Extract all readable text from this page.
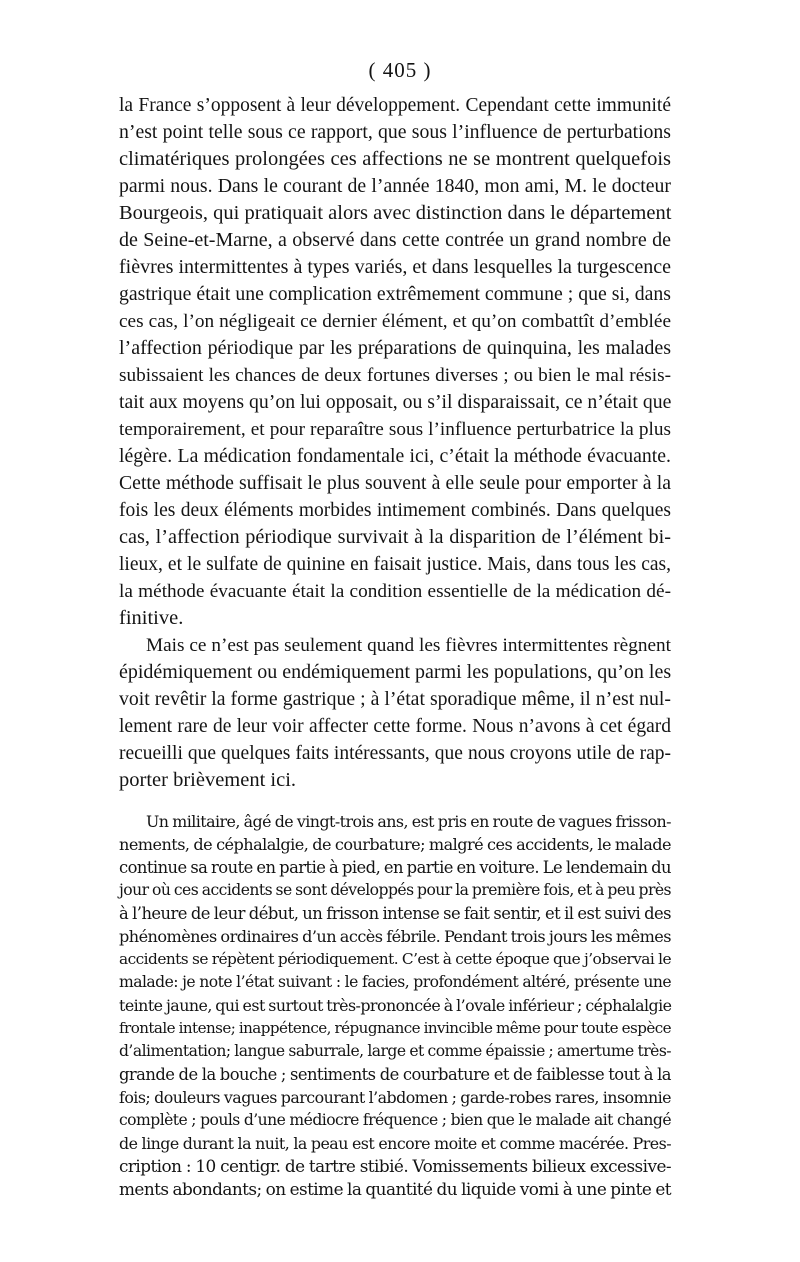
( 405 )
la France s’opposent à leur développement. Cependant cette immunité
n’est point telle sous ce rapport, que sous l’influence de perturbations
climatériques prolongées ces affections ne se montrent quelquefois
parmi nous. Dans le courant de l’année 1840, mon ami, M. le docteur
Bourgeois, qui pratiquait alors avec distinction dans le département
de Seine-et-Marne, a observé dans cette contrée un grand nombre de
fièvres intermittentes à types variés, et dans lesquelles la turgescence
gastrique était une complication extrêmement commune ; que si, dans
ces cas, l’on négligeait ce dernier élément, et qu’on combattît d’emblée
l’affection périodique par les préparations de quinquina, les malades
subissaient les chances de deux fortunes diverses ; ou bien le mal résis-
tait aux moyens qu’on lui opposait, ou s’il disparaissait, ce n’était que
temporairement, et pour reparaître sous l’influence perturbatrice la plus
légère. La médication fondamentale ici, c’était la méthode évacuante.
Cette méthode suffisait le plus souvent à elle seule pour emporter à la
fois les deux éléments morbides intimement combinés. Dans quelques
cas, l’affection périodique survivait à la disparition de l’élément bi-
lieux, et le sulfate de quinine en faisait justice. Mais, dans tous les cas,
la méthode évacuante était la condition essentielle de la médication dé-
finitive.
Mais ce n’est pas seulement quand les fièvres intermittentes règnent
épidémiquement ou endémiquement parmi les populations, qu’on les
voit revêtir la forme gastrique ; à l’état sporadique même, il n’est nul-
lement rare de leur voir affecter cette forme. Nous n’avons à cet égard
recueilli que quelques faits intéressants, que nous croyons utile de rap-
porter brièvement ici.
Un militaire, âgé de vingt-trois ans, est pris en route de vagues frisson-
nements, de céphalalgie, de courbature; malgré ces accidents, le malade
continue sa route en partie à pied, en partie en voiture. Le lendemain du
jour où ces accidents se sont développés pour la première fois, et à peu près
à l’heure de leur début, un frisson intense se fait sentir, et il est suivi des
phénomènes ordinaires d’un accès fébrile. Pendant trois jours les mêmes
accidents se répètent périodiquement. C’est à cette époque que j’observai le
malade: je note l’état suivant : le facies, profondément altéré, présente une
teinte jaune, qui est surtout très-prononcée à l’ovale inférieur ; céphalalgie
frontale intense; inappétence, répugnance invincible même pour toute espèce
d’alimentation; langue saburrale, large et comme épaissie ; amertume très-
grande de la bouche ; sentiments de courbature et de faiblesse tout à la
fois; douleurs vagues parcourant l’abdomen ; garde-robes rares, insomnie
complète ; pouls d’une médiocre fréquence ; bien que le malade ait changé
de linge durant la nuit, la peau est encore moite et comme macérée. Pres-
cription : 10 centigr. de tartre stibié. Vomissements bilieux excessive-
ments abondants; on estime la quantité du liquide vomi à une pinte et
